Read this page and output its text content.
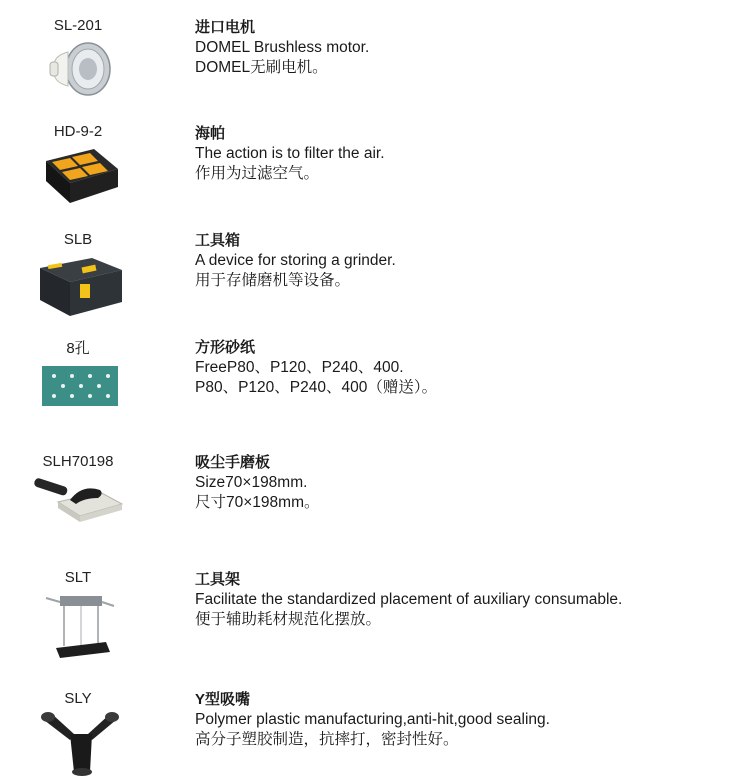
SL-201	进口电机
DOMEL Brushless motor.
DOMEL无刷电机。
HD-9-2	海帕
The action is to filter the air.
作用为过滤空气。
SLB	工具箱
A device for storing a grinder.
用于存储磨机等设备。
8孔	方形砂纸
FreeP80、P120、P240、400.
P80、P120、P240、400（赠送）。
SLH70198	吸尘手磨板
Size70×198mm.
尺寸70×198mm。
SLT	工具架
Facilitate the standardized placement of auxiliary consumable.
便于辅助耗材规范化摆放。
SLY	Y型吸嘴
Polymer plastic manufacturing,anti-hit,good sealing.
高分子塑胶制造，抗摔打，密封性好。
